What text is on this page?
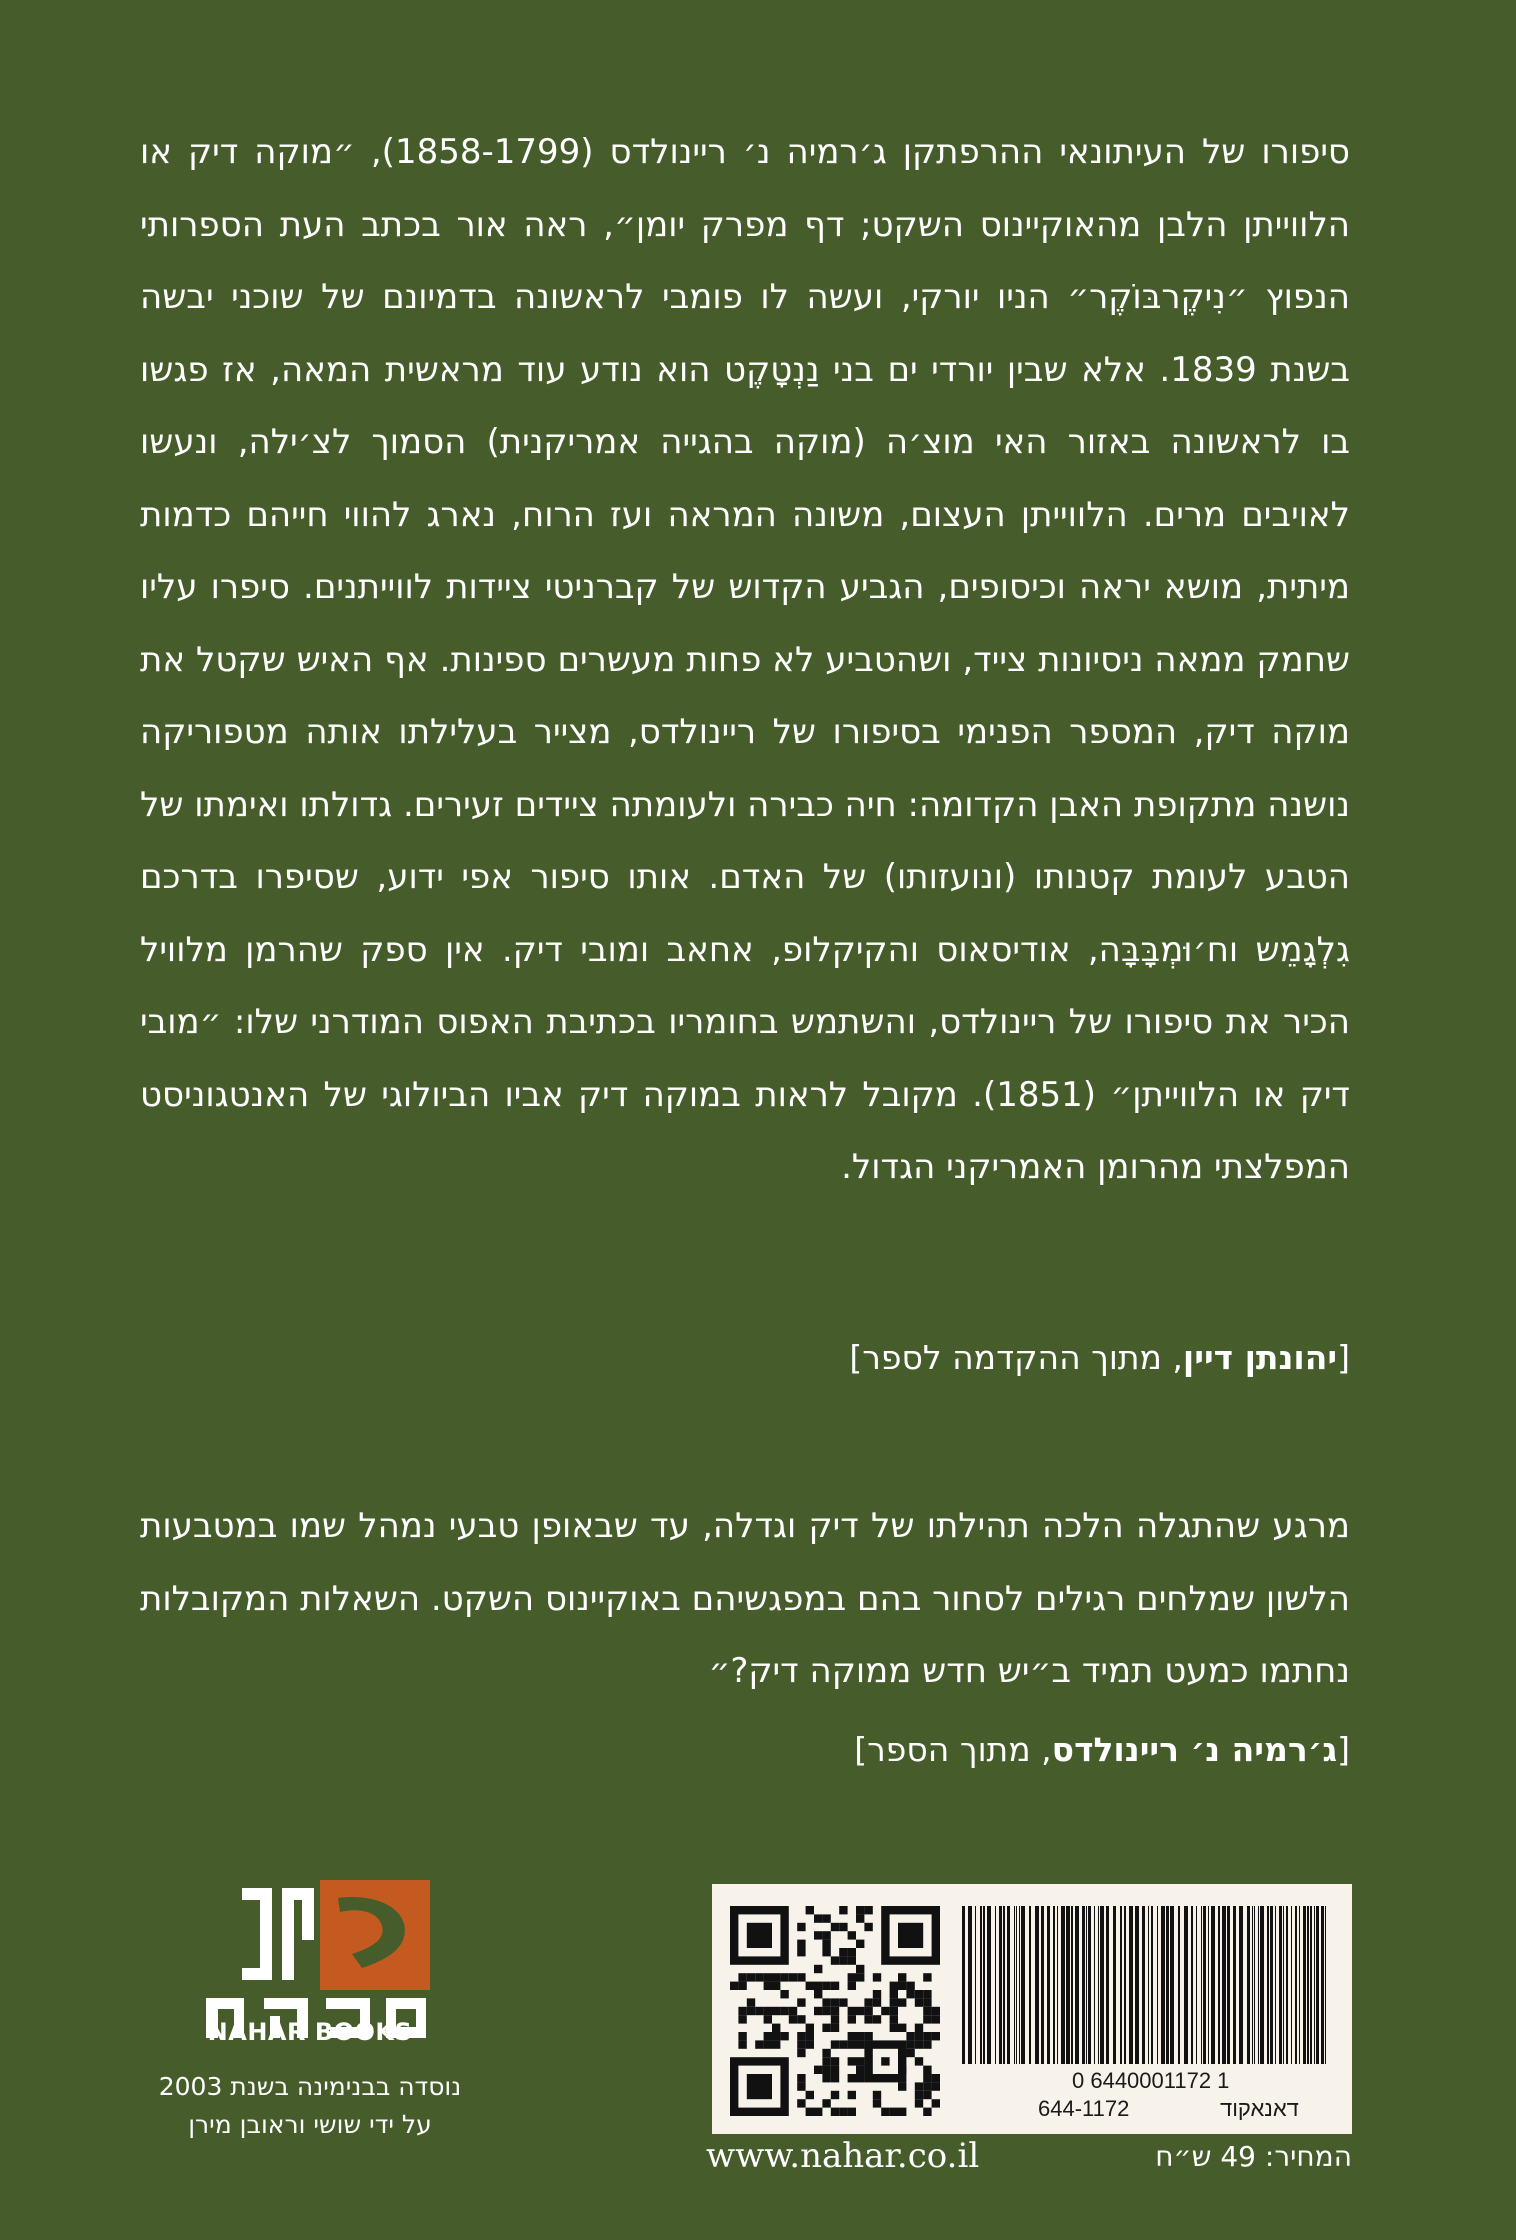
סיפורו של העיתונאי ההרפתקן ג׳רמיה נ׳ ריינולדס (1858-1799), ״מוקה דיק או הלווייתן הלבן מהאוקיינוס השקט; דף מפרק יומן״, ראה אור בכתב העת הספרותי הנפוץ ״נִיקֶרבּוֹקֶר״ הניו יורקי, ועשה לו פומבי לראשונה בדמיונם של שוכני יבשה בשנת 1839. אלא שבין יורדי ים בני נַנְטָקֶט הוא נודע עוד מראשית המאה, אז פגשו בו לראשונה באזור האי מוצ׳ה (מוקה בהגייה אמריקנית) הסמוך לצ׳ילה, ונעשו לאויבים מרים. הלווייתן העצום, משונה המראה ועז הרוח, נארג להווי חייהם כדמות מיתית, מושא יראה וכיסופים, הגביע הקדוש של קברניטי ציידות לווייתנים. סיפרו עליו שחמק ממאה ניסיונות צייד, ושהטביע לא פחות מעשרים ספינות. אף האיש שקטל את מוקה דיק, המספר הפנימי בסיפורו של ריינולדס, מצייר בעלילתו אותה מטפוריקה נושנה מתקופת האבן הקדומה: חיה כבירה ולעומתה ציידים זעירים. גדולתו ואימתו של הטבע לעומת קטנותו (ונועזותו) של האדם. אותו סיפור אפי ידוע, שסיפרו בדרכם גִלְגָמֵש וח׳וּמְבָּבָּה, אודיסאוס והקיקלופ, אחאב ומובי דיק. אין ספק שהרמן מלוויל הכיר את סיפורו של ריינולדס, והשתמש בחומריו בכתיבת האפוס המודרני שלו: ״מובי דיק או הלווייתן״ (1851). מקובל לראות במוקה דיק אביו הביולוגי של האנטגוניסט המפלצתי מהרומן האמריקני הגדול.
[יהונתן דיין, מתוך ההקדמה לספר]
מרגע שהתגלה הלכה תהילתו של דיק וגדלה, עד שבאופן טבעי נמהל שמו במטבעות הלשון שמלחים רגילים לסחור בהם במפגשיהם באוקיינוס השקט. השאלות המקובלות נחתמו כמעט תמיד ב״יש חדש ממוקה דיק?״
[ג׳רמיה נ׳ ריינולדס, מתוך הספר]
NAHAR BOOKS
נוסדה בבנימינה בשנת 2003
על ידי שושי וראובן מירן
0 6440001172 1
644-1172	דאנאקוד
www.nahar.co.il	המחיר: 49 ש״ח
